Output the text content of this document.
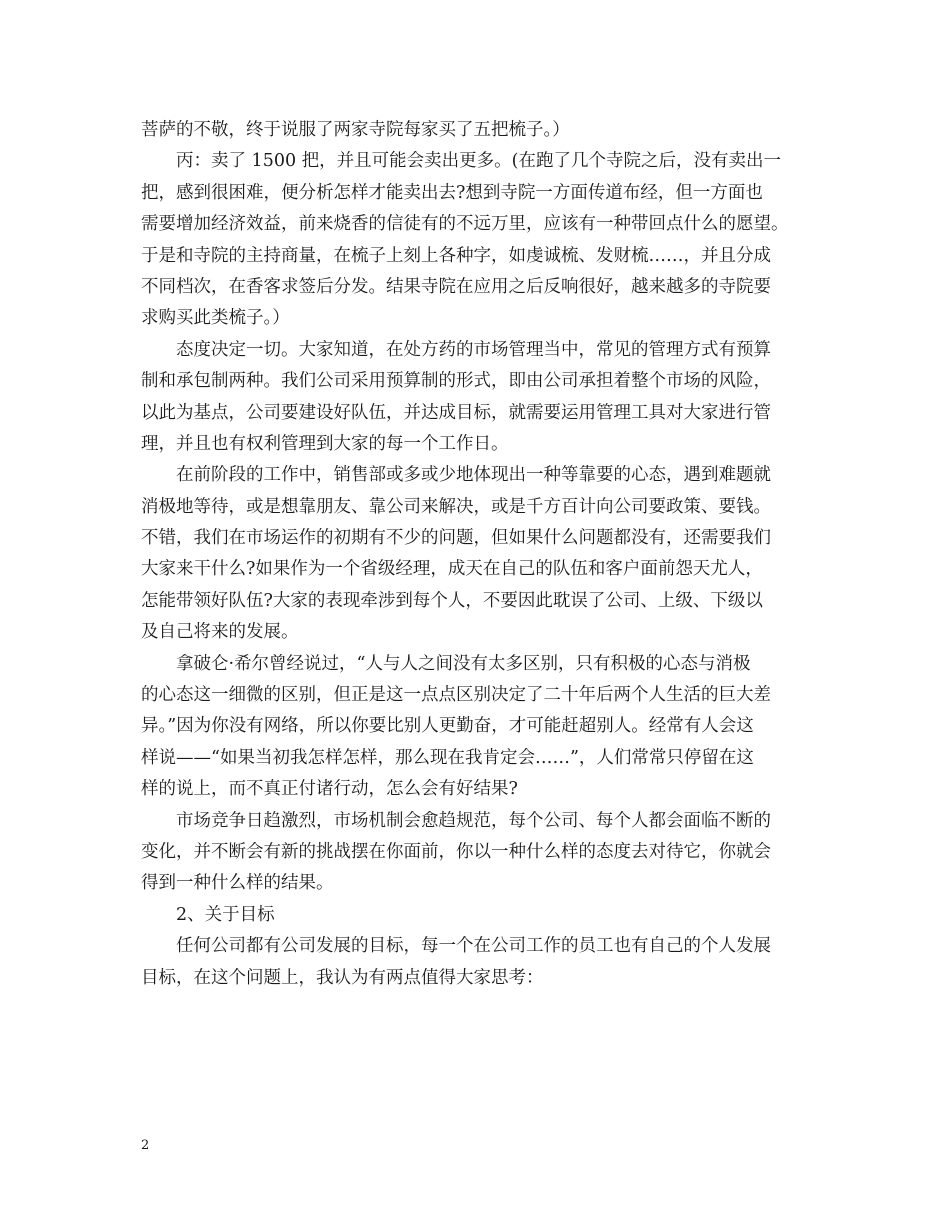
菩萨的不敬，终于说服了两家寺院每家买了五把梳子。）
丙：卖了 1500 把，并且可能会卖出更多。(在跑了几个寺院之后，没有卖出一
把，感到很困难，便分析怎样才能卖出去?想到寺院一方面传道布经，但一方面也
需要增加经济效益，前来烧香的信徒有的不远万里，应该有一种带回点什么的愿望。
于是和寺院的主持商量，在梳子上刻上各种字，如虔诚梳、发财梳……，并且分成
不同档次，在香客求签后分发。结果寺院在应用之后反响很好，越来越多的寺院要
求购买此类梳子。）
态度决定一切。大家知道，在处方药的市场管理当中，常见的管理方式有预算
制和承包制两种。我们公司采用预算制的形式，即由公司承担着整个市场的风险，
以此为基点，公司要建设好队伍，并达成目标，就需要运用管理工具对大家进行管
理，并且也有权利管理到大家的每一个工作日。
在前阶段的工作中，销售部或多或少地体现出一种等靠要的心态，遇到难题就
消极地等待，或是想靠朋友、靠公司来解决，或是千方百计向公司要政策、要钱。
不错，我们在市场运作的初期有不少的问题，但如果什么问题都没有，还需要我们
大家来干什么?如果作为一个省级经理，成天在自己的队伍和客户面前怨天尤人，
怎能带领好队伍?大家的表现牵涉到每个人，不要因此耽误了公司、上级、下级以
及自己将来的发展。
拿破仑·希尔曾经说过，“人与人之间没有太多区别，只有积极的心态与消极
的心态这一细微的区别，但正是这一点点区别决定了二十年后两个人生活的巨大差
异。”因为你没有网络，所以你要比别人更勤奋，才可能赶超别人。经常有人会这
样说——“如果当初我怎样怎样，那么现在我肯定会……”，人们常常只停留在这
样的说上，而不真正付诸行动，怎么会有好结果?
市场竞争日趋激烈，市场机制会愈趋规范，每个公司、每个人都会面临不断的
变化，并不断会有新的挑战摆在你面前，你以一种什么样的态度去对待它，你就会
得到一种什么样的结果。
2、关于目标
任何公司都有公司发展的目标，每一个在公司工作的员工也有自己的个人发展
目标，在这个问题上，我认为有两点值得大家思考：
2
